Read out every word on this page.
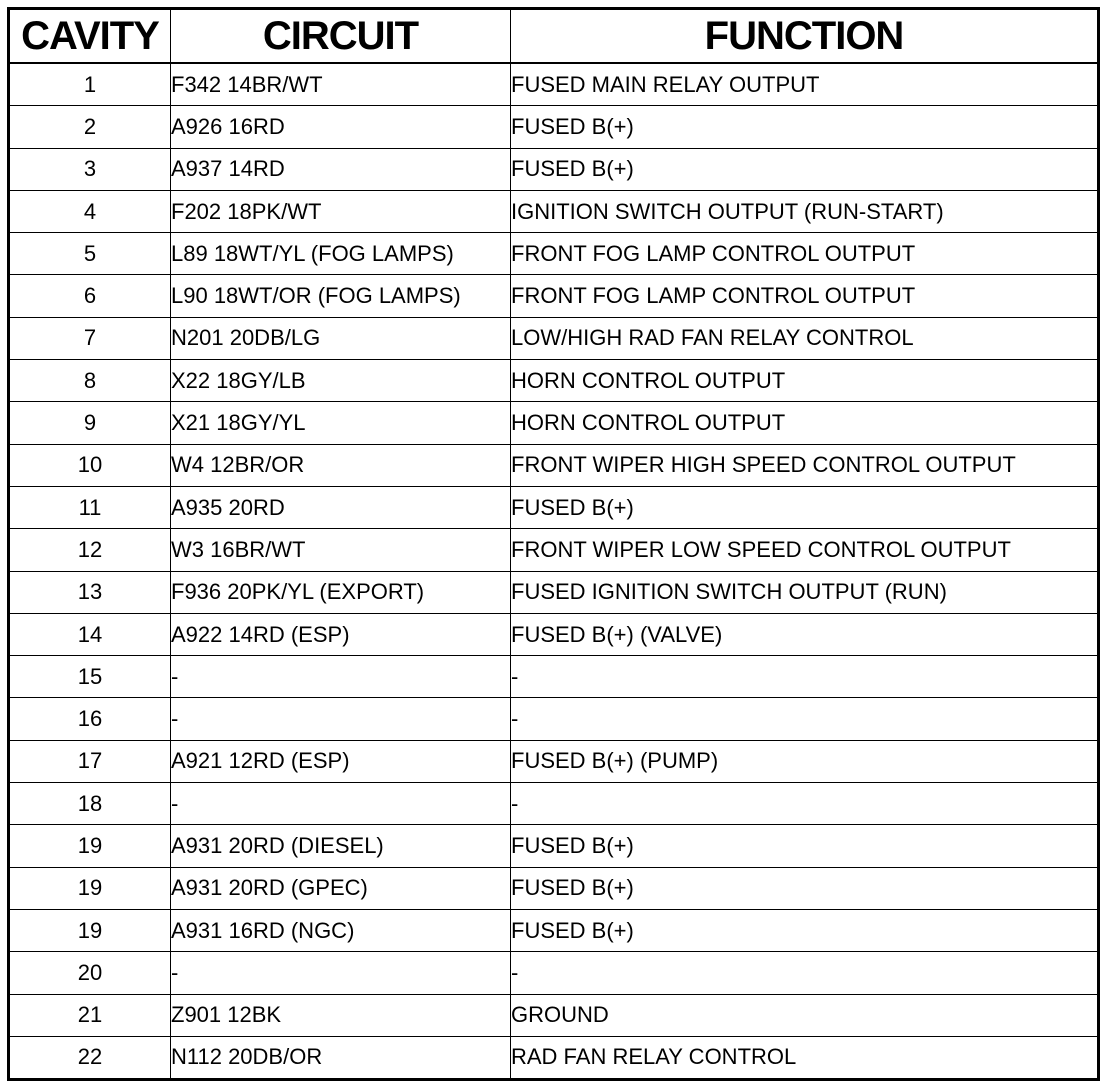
CAVITY	CIRCUIT	FUNCTION
1	F342 14BR/WT	FUSED MAIN RELAY OUTPUT
2	A926 16RD	FUSED B(+)
3	A937 14RD	FUSED B(+)
4	F202 18PK/WT	IGNITION SWITCH OUTPUT (RUN-START)
5	L89 18WT/YL (FOG LAMPS)	FRONT FOG LAMP CONTROL OUTPUT
6	L90 18WT/OR (FOG LAMPS)	FRONT FOG LAMP CONTROL OUTPUT
7	N201 20DB/LG	LOW/HIGH RAD FAN RELAY CONTROL
8	X22 18GY/LB	HORN CONTROL OUTPUT
9	X21 18GY/YL	HORN CONTROL OUTPUT
10	W4 12BR/OR	FRONT WIPER HIGH SPEED CONTROL OUTPUT
11	A935 20RD	FUSED B(+)
12	W3 16BR/WT	FRONT WIPER LOW SPEED CONTROL OUTPUT
13	F936 20PK/YL (EXPORT)	FUSED IGNITION SWITCH OUTPUT (RUN)
14	A922 14RD (ESP)	FUSED B(+) (VALVE)
15	-	-
16	-	-
17	A921 12RD (ESP)	FUSED B(+) (PUMP)
18	-	-
19	A931 20RD (DIESEL)	FUSED B(+)
19	A931 20RD (GPEC)	FUSED B(+)
19	A931 16RD (NGC)	FUSED B(+)
20	-	-
21	Z901 12BK	GROUND
22	N112 20DB/OR	RAD FAN RELAY CONTROL
